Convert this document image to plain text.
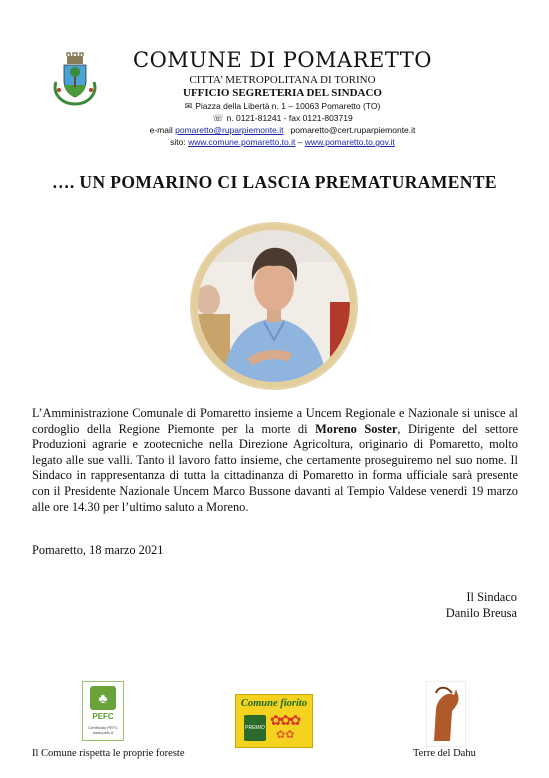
COMUNE DI POMARETTO
CITTA’ METROPOLITANA DI TORINO
UFFICIO SEGRETERIA DEL SINDACO
✉ Piazza della Libertà n. 1 – 10063 Pomaretto (TO)
☏ n. 0121-81241 - fax 0121-803719
e-mail pomaretto@ruparpiemonte.it pomaretto@cert.ruparpiemonte.it
sito: www.comune.pomaretto.to.it – www.pomaretto.to.gov.it
…. UN POMARINO CI LASCIA PREMATURAMENTE
L’Amministrazione Comunale di Pomaretto insieme a Uncem Regionale e Nazionale si unisce al cordoglio della Regione Piemonte per la morte di Moreno Soster, Dirigente del settore Produzioni agrarie e zootecniche nella Direzione Agricoltura, originario di Pomaretto, molto legato alle sue valli. Tanto il lavoro fatto insieme, che certamente proseguiremo nel suo nome. Il Sindaco in rappresentanza di tutta la cittadinanza di Pomaretto in forma ufficiale sarà presente con il Presidente Nazionale Uncem Marco Bussone davanti al Tempio Valdese venerdì 19 marzo alle ore 14.30 per l’ultimo saluto a Moreno.
Pomaretto, 18 marzo 2021
Il Sindaco
Danilo Breusa
♣
PEFC
Certificato PEFC
www.pefc.it
Comune fiorito
PREMIO ✿✿✿
✿✿
Il Comune rispetta le proprie foreste	Terre del Dahu
